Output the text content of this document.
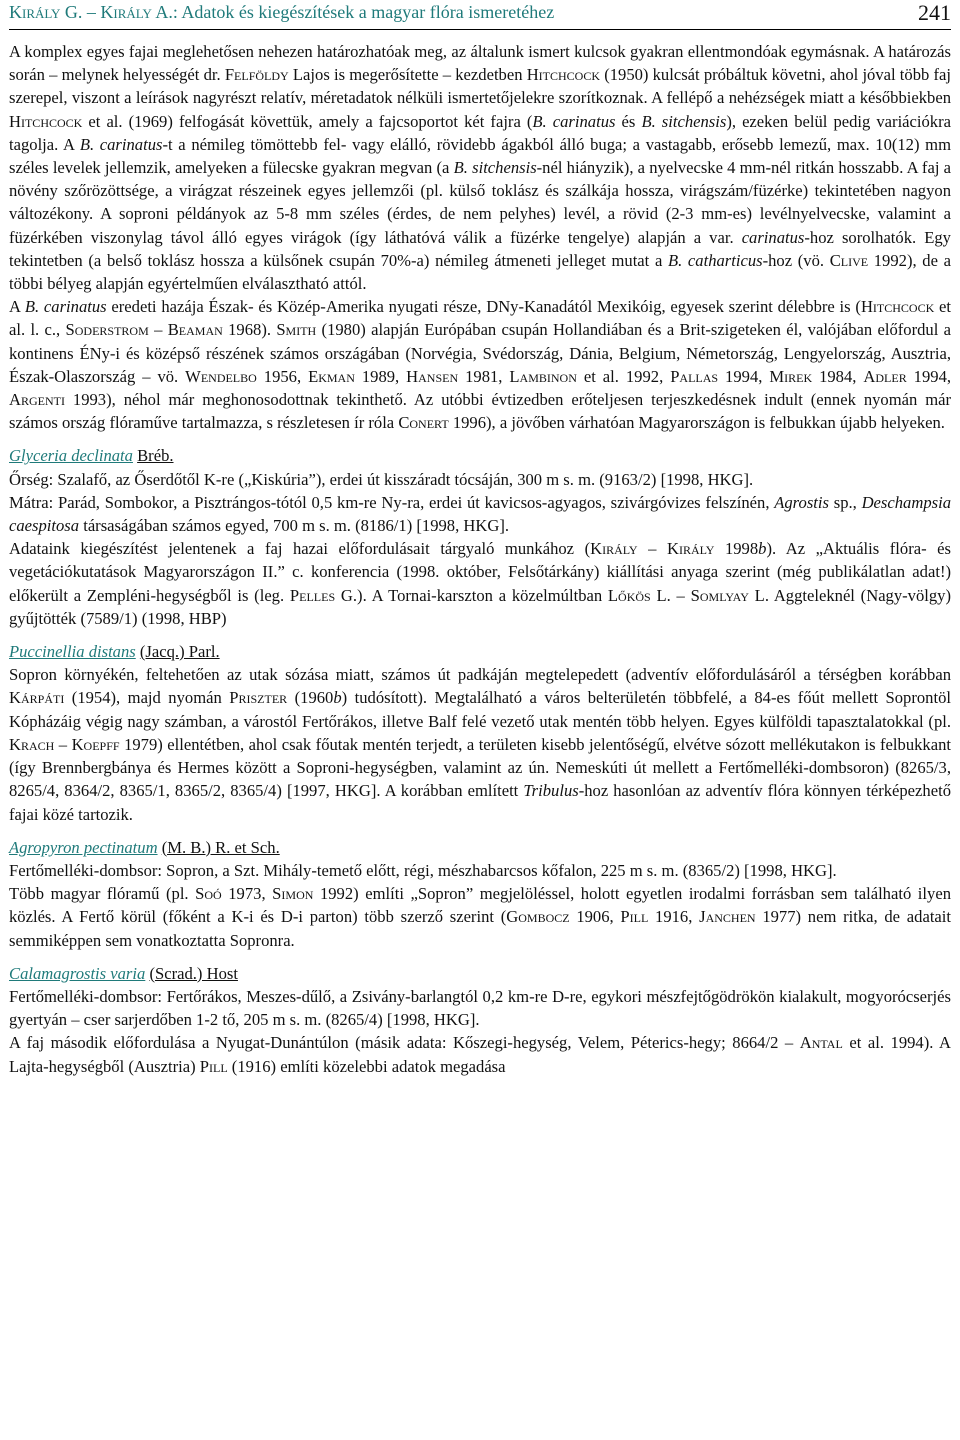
Király G. – Király A.: Adatok és kiegészítések a magyar flóra ismeretéhez	241

A komplex egyes fajai meglehetősen nehezen határozhatóak meg, az általunk ismert kulcsok gyakran ellentmondóak egymásnak. A határozás során – melynek helyességét dr. Felföldy Lajos is megerősítette – kezdetben Hitchcock (1950) kulcsát próbáltuk követni, ahol jóval több faj szerepel, viszont a leírások nagyrészt relatív, méretadatok nélküli ismertetőjelekre szorítkoznak. A fellépő a nehézségek miatt a későbbiekben Hitchcock et al. (1969) felfogását követtük, amely a fajcsoportot két fajra (B. carinatus és B. sitchensis), ezeken belül pedig variációkra tagolja. A B. carinatus-t a némileg tömöttebb fel- vagy elálló, rövidebb ágakból álló buga; a vastagabb, erősebb lemezű, max. 10(12) mm széles levelek jellemzik, amelyeken a fülecske gyakran megvan (a B. sitchensis-nél hiányzik), a nyelvecske 4 mm-nél ritkán hosszabb. A faj a növény szőrözöttsége, a virágzat részeinek egyes jellemzői (pl. külső toklász és szálkája hossza, virágszám/füzérke) tekintetében nagyon változékony. A soproni példányok az 5-8 mm széles (érdes, de nem pelyhes) levél, a rövid (2-3 mm-es) levélnyelvecske, valamint a füzérkében viszonylag távol álló egyes virágok (így láthatóvá válik a füzérke tengelye) alapján a var. carinatus-hoz sorolhatók. Egy tekintetben (a belső toklász hossza a külsőnek csupán 70%-a) némileg átmeneti jelleget mutat a B. catharticus-hoz (vö. Clive 1992), de a többi bélyeg alapján egyértelműen elválasztható attól.

A B. carinatus eredeti hazája Észak- és Közép-Amerika nyugati része, DNy-Kanadától Mexikóig, egyesek szerint délebbre is (Hitchcock et al. l. c., Soderstrom – Beaman 1968). Smith (1980) alapján Európában csupán Hollandiában és a Brit-szigeteken él, valójában előfordul a kontinens ÉNy-i és középső részének számos országában (Norvégia, Svédország, Dánia, Belgium, Németország, Lengyelország, Ausztria, Észak-Olaszország – vö. Wendelbo 1956, Ekman 1989, Hansen 1981, Lambinon et al. 1992, Pallas 1994, Mirek 1984, Adler 1994, Argenti 1993), néhol már meghonosodottnak tekinthető. Az utóbbi évtizedben erőteljesen terjeszkedésnek indult (ennek nyomán már számos ország flóraműve tartalmazza, s részletesen ír róla Conert 1996), a jövőben várhatóan Magyarországon is felbukkan újabb helyeken.

Glyceria declinata Bréb.

Őrség: Szalafő, az Őserdőtől K-re („Kiskúria”), erdei út kisszáradt tócsáján, 300 m s. m. (9163/2) [1998, HKG].

Mátra: Parád, Sombokor, a Pisztrángos-tótól 0,5 km-re Ny-ra, erdei út kavicsos-agyagos, szivárgóvizes felszínén, Agrostis sp., Deschampsia caespitosa társaságában számos egyed, 700 m s. m. (8186/1) [1998, HKG].

Adataink kiegészítést jelentenek a faj hazai előfordulásait tárgyaló munkához (Király – Király 1998b). Az „Aktuális flóra- és vegetációkutatások Magyarországon II.” c. konferencia (1998. október, Felsőtárkány) kiállítási anyaga szerint (még publikálatlan adat!) előkerült a Zempléni-hegységből is (leg. Pelles G.). A Tornai-karszton a közelmúltban Lőkös L. – Somlyay L. Aggteleknél (Nagy-völgy) gyűjtötték (7589/1) (1998, HBP)

Puccinellia distans (Jacq.) Parl.

Sopron környékén, feltehetően az utak sózása miatt, számos út padkáján megtelepedett (adventív előfordulásáról a térségben korábban Kárpáti (1954), majd nyomán Priszter (1960b) tudósított). Megtalálható a város belterületén többfelé, a 84-es főút mellett Soprontöl Kópházáig végig nagy számban, a várostól Fertőrákos, illetve Balf felé vezető utak mentén több helyen. Egyes külföldi tapasztalatokkal (pl. Krach – Koepff 1979) ellentétben, ahol csak főutak mentén terjedt, a területen kisebb jelentőségű, elvétve sózott mellékutakon is felbukkant (így Brennbergbánya és Hermes között a Soproni-hegységben, valamint az ún. Nemeskúti út mellett a Fertőmelléki-dombsoron) (8265/3, 8265/4, 8364/2, 8365/1, 8365/2, 8365/4) [1997, HKG]. A korábban említett Tribulus-hoz hasonlóan az adventív flóra könnyen térképezhető fajai közé tartozik.

Agropyron pectinatum (M. B.) R. et Sch.

Fertőmelléki-dombsor: Sopron, a Szt. Mihály-temető előtt, régi, mészhabarcsos kőfalon, 225 m s. m. (8365/2) [1998, HKG].

Több magyar flóramű (pl. Soó 1973, Simon 1992) említi „Sopron” megjelöléssel, holott egyetlen irodalmi forrásban sem található ilyen közlés. A Fertő körül (főként a K-i és D-i parton) több szerző szerint (Gombocz 1906, Pill 1916, Janchen 1977) nem ritka, de adatait semmiképpen sem vonatkoztatta Sopronra.

Calamagrostis varia (Scrad.) Host

Fertőmelléki-dombsor: Fertőrákos, Meszes-dűlő, a Zsivány-barlangtól 0,2 km-re D-re, egykori mészfejtőgödrökön kialakult, mogyorócserjés gyertyán – cser sarjerdőben 1-2 tő, 205 m s. m. (8265/4) [1998, HKG].

A faj második előfordulása a Nyugat-Dunántúlon (másik adata: Kőszegi-hegység, Velem, Péterics-hegy; 8664/2 – Antal et al. 1994). A Lajta-hegységből (Ausztria) Pill (1916) említi közelebbi adatok megadása
